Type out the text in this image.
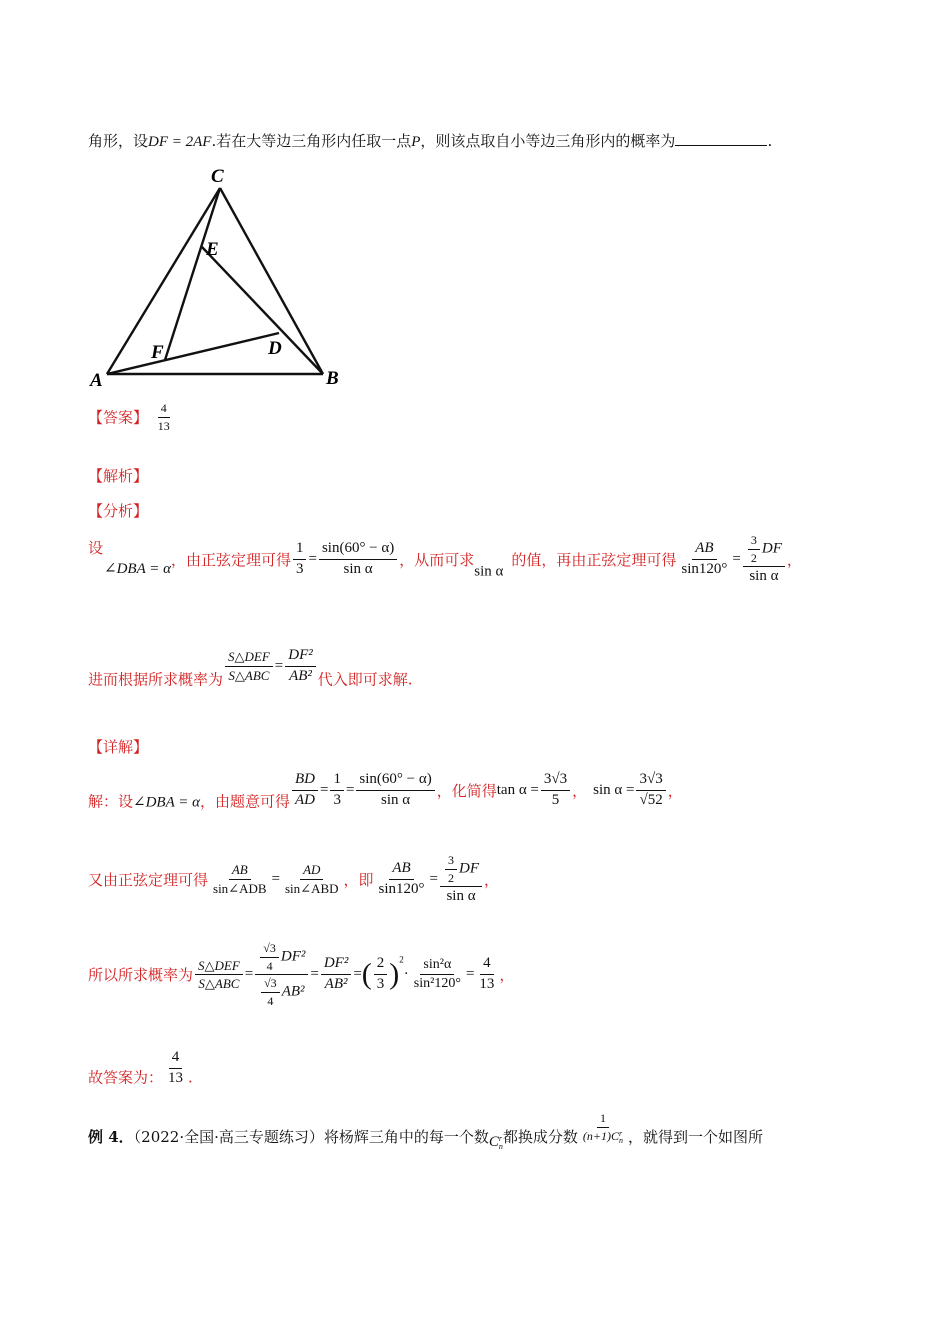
角形，设DF = 2AF.若在大等边三角形内任取一点P，则该点取自小等边三角形内的概率为	.
C
E
F	D
A	B
【答案】 $\frac{4}{13}$
【解析】
【分析】
设
∠DBA = α，由正弦定理可得 $\frac{1}{3} = \frac{\sin(60^\circ - \alpha)}{\text{sin α}}$ ，从而可求sin α的值，再由正弦定理可得 $\frac{AB}{\sin 120^\circ} = \frac{\frac{3}{2} DF}{\text{sin α}}$ ，
进而根据所求概率为 $\frac{\text{S△DEF}}{\text{S△ABC}} = \frac{\text{DF²}}{\text{AB²}}$ 代入即可求解.
【详解】
解：设∠DBA = α，由题意可得 $\frac{BD}{AD} = \frac{1}{3} = \frac{\sin(60^\circ - \alpha)}{\text{sin α}}$ ，化简得$\tan \alpha = \frac{3√3}{5}$ ， $\sin \alpha = \frac{3√3}{√52}$ ，
又由正弦定理可得 $\frac{AB}{\text{sin∠ADB}} = \frac{AD}{\text{sin∠ABD}}$ ，即 $\frac{AB}{\sin 120^\circ} = \frac{\frac{3}{2} DF}{\text{sin α}}$ ，
所以所求概率为 $\frac{\text{S△DEF}}{\text{S△ABC}} = \frac{\frac{√3}{4} DF^2}{\frac{√3}{4} AB^2} = \frac{\text{DF²}}{\text{AB²}}$ =( $\frac{2}{3} )^2\cdot \frac{\text{sin²α}}{\text{sin²120°}} = \frac{4}{13}$ ，
故答案为： $\frac{4}{13}$ .
例 4．（2022·全国·高三专题练习）将杨辉三角中的每一个数Cr
n都换成分数
1
(n+1)Cr
n ，就得到一个如图所
